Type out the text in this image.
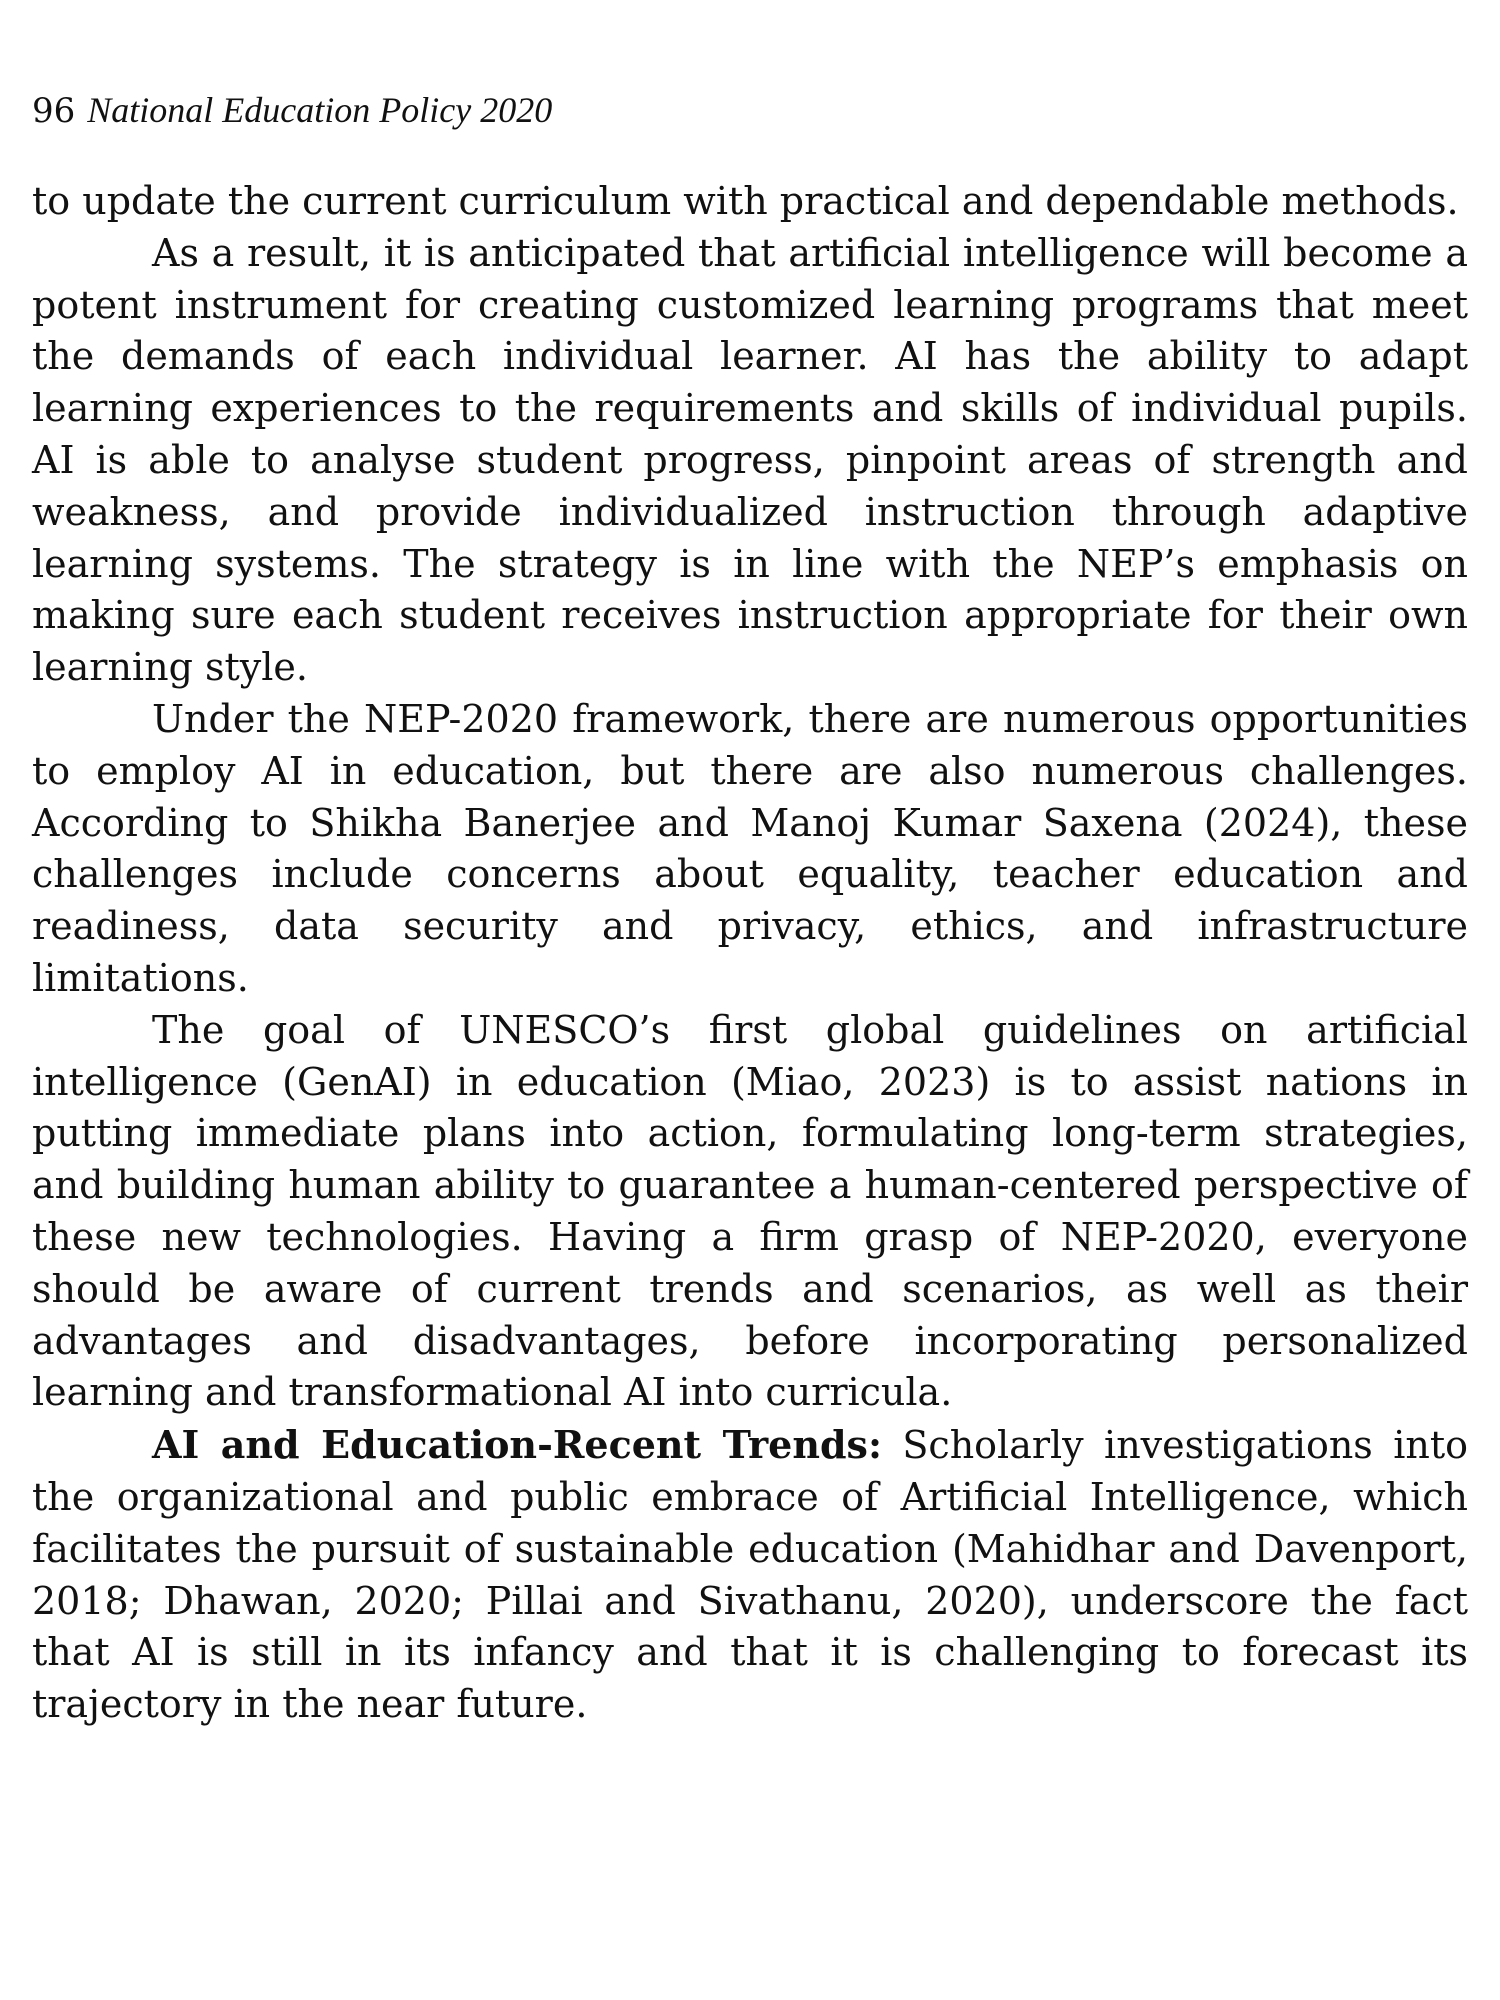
96 National Education Policy 2020

to update the current curriculum with practical and dependable methods.

As a result, it is anticipated that artificial intelligence will become a potent instrument for creating customized learning programs that meet the demands of each individual learner. AI has the ability to adapt learning experiences to the requirements and skills of individual pupils. AI is able to analyse student progress, pinpoint areas of strength and weakness, and provide individualized instruction through adaptive learning systems. The strategy is in line with the NEP’s emphasis on making sure each student receives instruction appropriate for their own learning style.

Under the NEP-2020 framework, there are numerous opportunities to employ AI in education, but there are also numerous challenges. According to Shikha Banerjee and Manoj Kumar Saxena (2024), these challenges include concerns about equality, teacher education and readiness, data security and privacy, ethics, and infrastructure limitations.

The goal of UNESCO’s first global guidelines on artificial intelligence (GenAI) in education (Miao, 2023) is to assist nations in putting immediate plans into action, formulating long-term strategies, and building human ability to guarantee a human-centered perspective of these new technologies. Having a firm grasp of NEP-2020, everyone should be aware of current trends and scenarios, as well as their advantages and disadvantages, before incorporating personalized learning and transformational AI into curricula.

AI and Education-Recent Trends: Scholarly investigations into the organizational and public embrace of Artificial Intelligence, which facilitates the pursuit of sustainable education (Mahidhar and Davenport, 2018; Dhawan, 2020; Pillai and Sivathanu, 2020), underscore the fact that AI is still in its infancy and that it is challenging to forecast its trajectory in the near future.
